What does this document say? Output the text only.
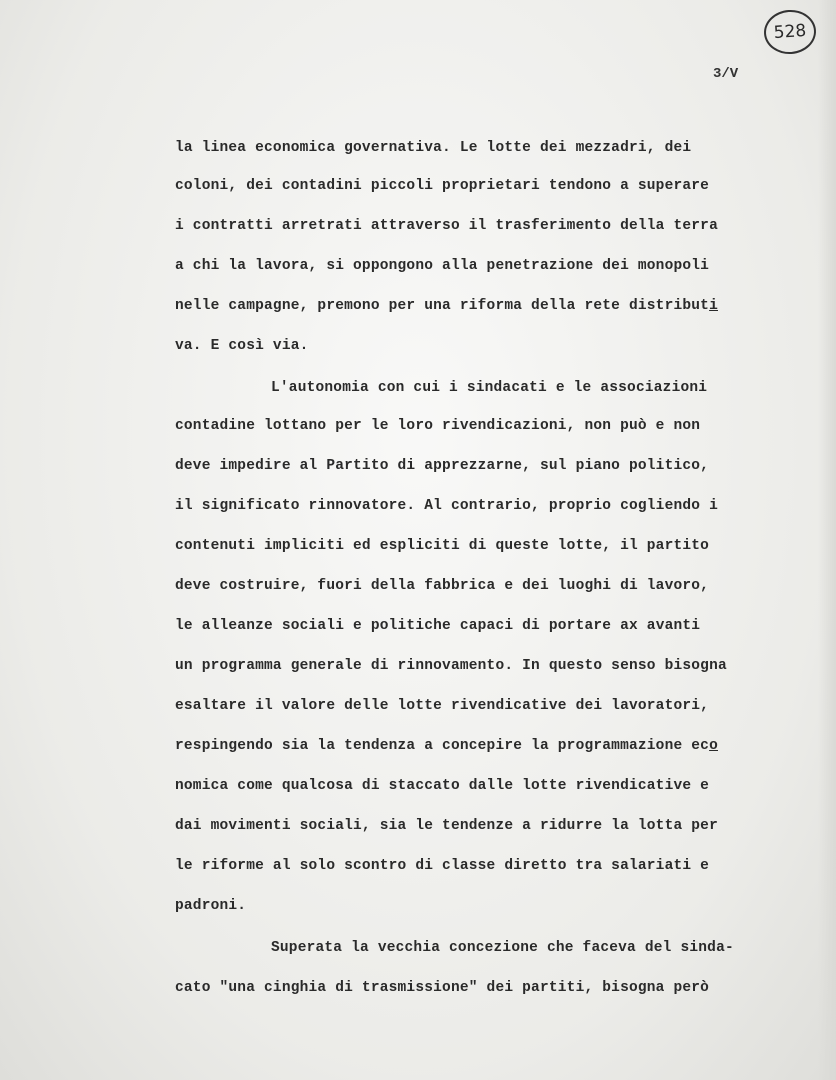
528
3/V
la linea economica governativa. Le lotte dei mezzadri, dei
coloni, dei contadini piccoli proprietari tendono a superare
i contratti arretrati attraverso il trasferimento della terra
a chi la lavora, si oppongono alla penetrazione dei monopoli
nelle campagne, premono per una riforma della rete distributi
va. E così via.
L'autonomia con cui i sindacati e le associazioni
contadine lottano per le loro rivendicazioni, non può e non
deve impedire al Partito di apprezzarne, sul piano politico,
il significato rinnovatore. Al contrario, proprio cogliendo i
contenuti impliciti ed espliciti di queste lotte, il partito
deve costruire, fuori della fabbrica e dei luoghi di lavoro,
le alleanze sociali e politiche capaci di portare ax avanti
un programma generale di rinnovamento. In questo senso bisogna
esaltare il valore delle lotte rivendicative dei lavoratori,
respingendo sia la tendenza a concepire la programmazione eco
nomica come qualcosa di staccato dalle lotte rivendicative e
dai movimenti sociali, sia le tendenze a ridurre la lotta per
le riforme al solo scontro di classe diretto tra salariati e
padroni.
Superata la vecchia concezione che faceva del sinda-
cato "una cinghia di trasmissione" dei partiti, bisogna però
